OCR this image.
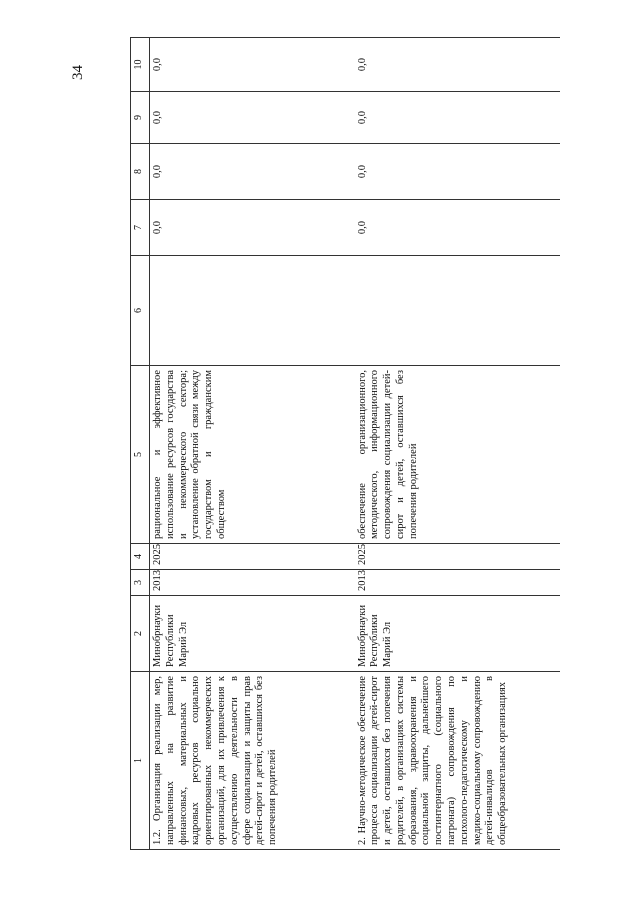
34
1	2	3	4	5	6	7	8	9	10
1.2. Организация реализации мер, направленных на развитие финансовых, материальных и кадровых ресурсов социально ориентированных некоммерческих организаций, для их привлечения к осуществлению деятельности в сфере социализации и защиты прав детей-сирот и детей, оставшихся без попечения родителей	Минобрнауки Республики Марий Эл	2013	2025	рациональное и эффективное использование ресурсов государства и некоммерческого сектора; установление обратной связи между государством и гражданским обществом		0,0	0,0	0,0	0,0
2. Научно-методическое обеспечение процесса социализации детей-сирот и детей, оставшихся без попечения родителей, в организациях системы образования, здравоохранения и социальной защиты, дальнейшего постинтернатного (социального патроната) сопровождения по психолого-педагогическому и медико-социальному сопровождению детей-инвалидов в общеобразовательных организациях	Минобрнауки Республики Марий Эл	2013	2025	обеспечение организационного, методического, информационного сопровождения социализации детей-сирот и детей, оставшихся без попечения родителей		0,0	0,0	0,0	0,0
